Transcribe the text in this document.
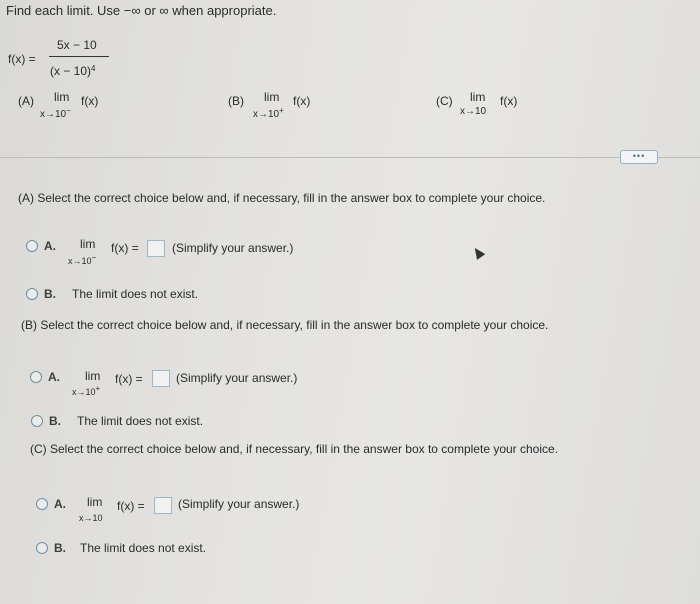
Find each limit. Use −∞ or ∞ when appropriate.
f(x) =
5x − 10
$(x - 10)^4$
(A) lim
x→10−
f(x)	(B) lim
x→10+
f(x)	(C) lim
x→10
f(x)
•••
(A) Select the correct choice below and, if necessary, fill in the answer box to complete your choice.
A. lim
x→10−
f(x) =	(Simplify your answer.)
B. The limit does not exist.
(B) Select the correct choice below and, if necessary, fill in the answer box to complete your choice.
A. lim
x→10+
f(x) =	(Simplify your answer.)
B. The limit does not exist.
(C) Select the correct choice below and, if necessary, fill in the answer box to complete your choice.
A. lim
x→10
f(x) =	(Simplify your answer.)
B. The limit does not exist.
